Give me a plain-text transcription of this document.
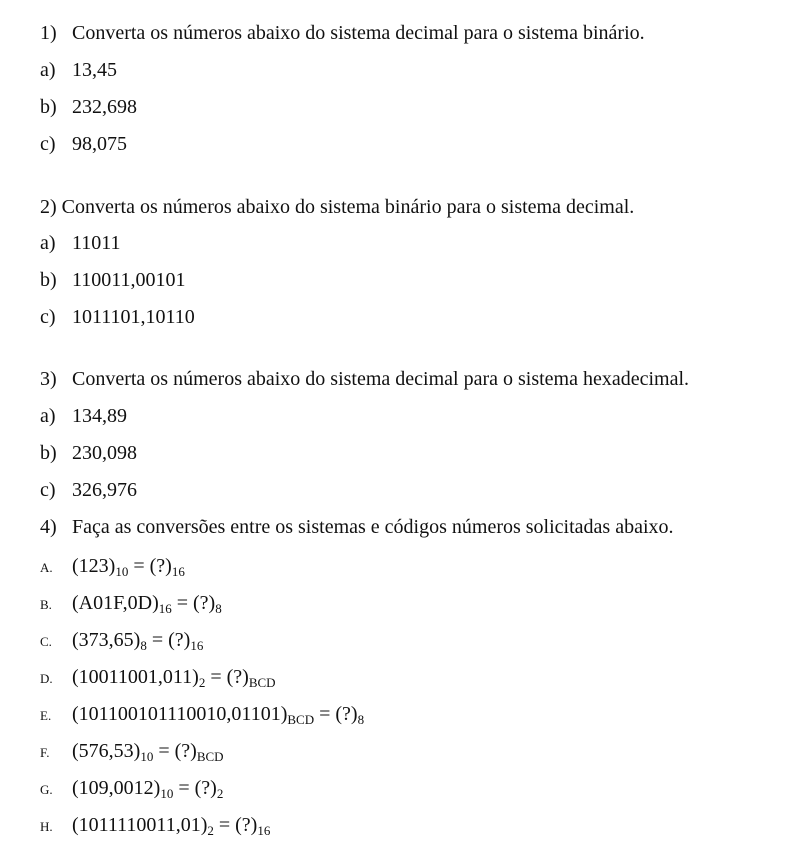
1) Converta os números abaixo do sistema decimal para o sistema binário.
a) 13,45
b) 232,698
c) 98,075
2) Converta os números abaixo do sistema binário para o sistema decimal.
a) 11011
b) 110011,00101
c) 1011101,10110
3) Converta os números abaixo do sistema decimal para o sistema hexadecimal.
a) 134,89
b) 230,098
c) 326,976
4) Faça as conversões entre os sistemas e códigos números solicitadas abaixo.
A. $(123)_{10}$ = $(?)_{16}$
B. $(A01F,0D)_{16}$ = $(?)_8$
C. $(373,65)_8$ = $(?)_{16}$
D. $(10011001,011)_2$ = $(?)_{BCD}$
E. $(101100101110010,01101)_{BCD}$ = $(?)_8$
F. $(576,53)_{10}$ = $(?)_{BCD}$
G. $(109,0012)_{10}$ = $(?)_2$
H. $(1011110011,01)_2$ = $(?)_{16}$
